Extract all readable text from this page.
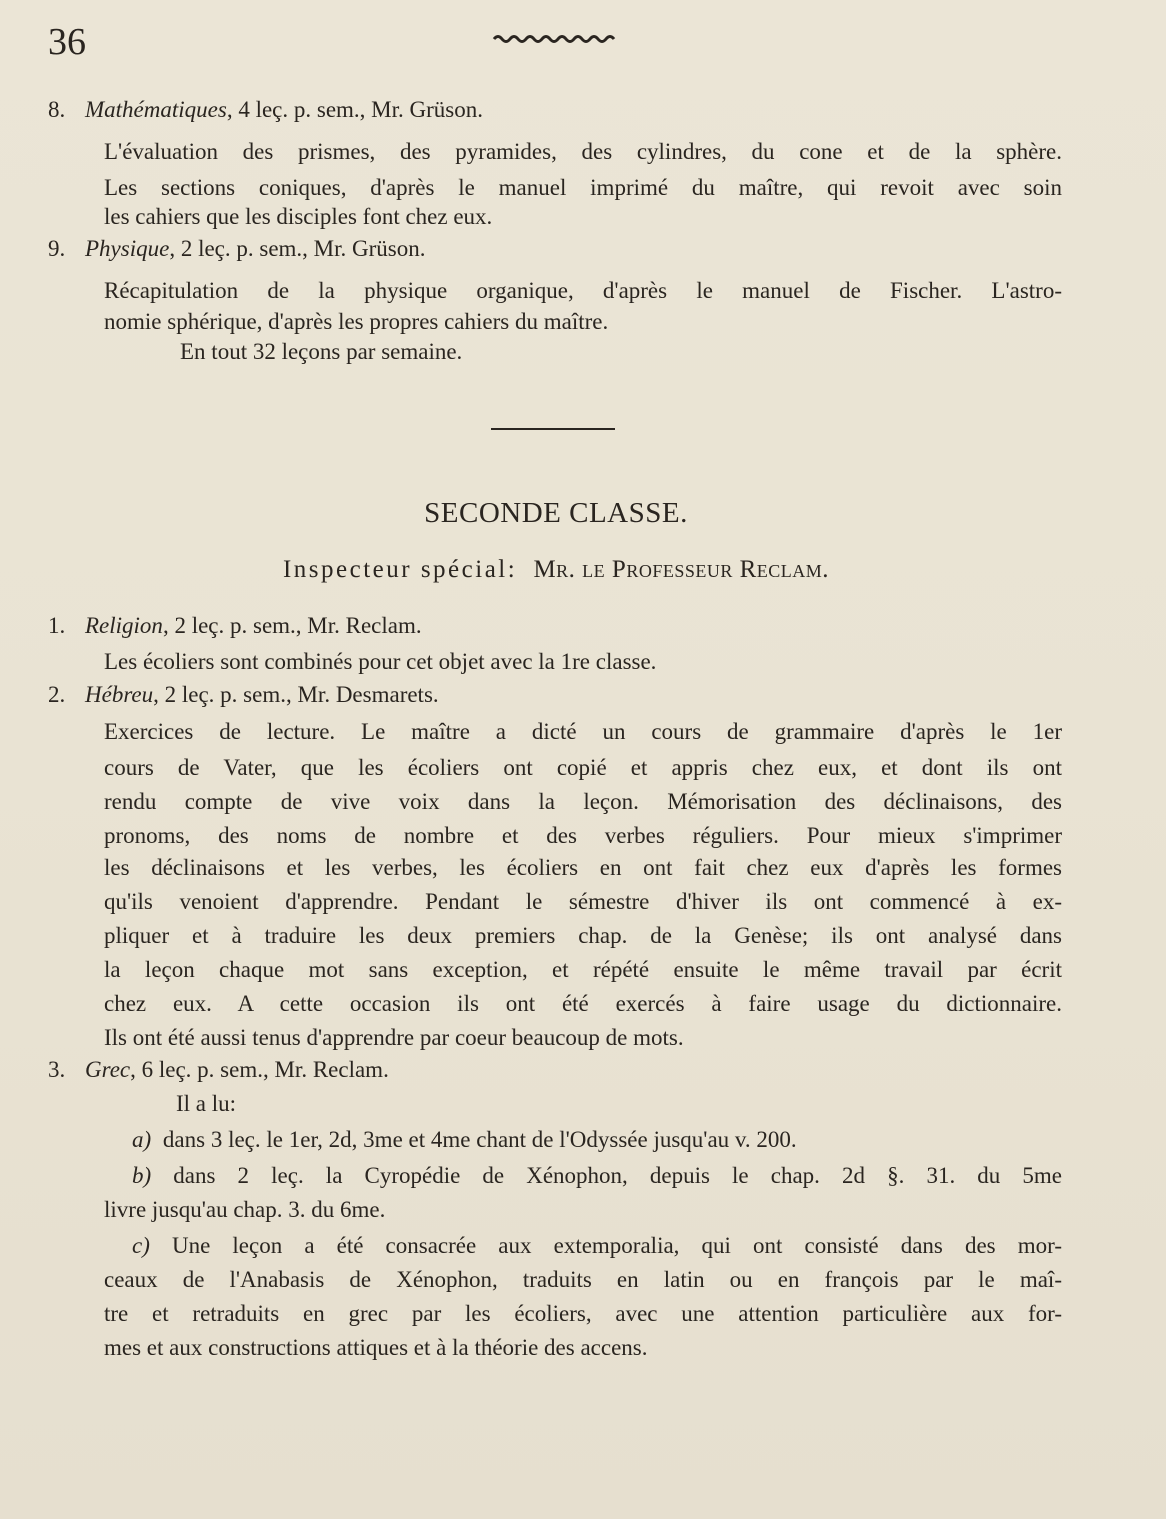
36
8. Mathématiques, 4 leç. p. sem., Mr. Grüson.
L'évaluation des prismes, des pyramides, des cylindres, du cone et de la sphère.
Les sections coniques, d'après le manuel imprimé du maître, qui revoit avec soin
les cahiers que les disciples font chez eux.
9. Physique, 2 leç. p. sem., Mr. Grüson.
Récapitulation de la physique organique, d'après le manuel de Fischer. L'astro-
nomie sphérique, d'après les propres cahiers du maître.
En tout 32 leçons par semaine.
SECONDE CLASSE.
Inspecteur spécial: Mr. le Professeur Reclam.
1. Religion, 2 leç. p. sem., Mr. Reclam.
Les écoliers sont combinés pour cet objet avec la 1re classe.
2. Hébreu, 2 leç. p. sem., Mr. Desmarets.
Exercices de lecture. Le maître a dicté un cours de grammaire d'après le 1er
cours de Vater, que les écoliers ont copié et appris chez eux, et dont ils ont
rendu compte de vive voix dans la leçon. Mémorisation des déclinaisons, des
pronoms, des noms de nombre et des verbes réguliers. Pour mieux s'imprimer
les déclinaisons et les verbes, les écoliers en ont fait chez eux d'après les formes
qu'ils venoient d'apprendre. Pendant le sémestre d'hiver ils ont commencé à ex-
pliquer et à traduire les deux premiers chap. de la Genèse; ils ont analysé dans
la leçon chaque mot sans exception, et répété ensuite le même travail par écrit
chez eux. A cette occasion ils ont été exercés à faire usage du dictionnaire.
Ils ont été aussi tenus d'apprendre par coeur beaucoup de mots.
3. Grec, 6 leç. p. sem., Mr. Reclam.
Il a lu:
a) dans 3 leç. le 1er, 2d, 3me et 4me chant de l'Odyssée jusqu'au v. 200.
b) dans 2 leç. la Cyropédie de Xénophon, depuis le chap. 2d §. 31. du 5me
livre jusqu'au chap. 3. du 6me.
c) Une leçon a été consacrée aux extemporalia, qui ont consisté dans des mor-
ceaux de l'Anabasis de Xénophon, traduits en latin ou en françois par le maî-
tre et retraduits en grec par les écoliers, avec une attention particulière aux for-
mes et aux constructions attiques et à la théorie des accens.
